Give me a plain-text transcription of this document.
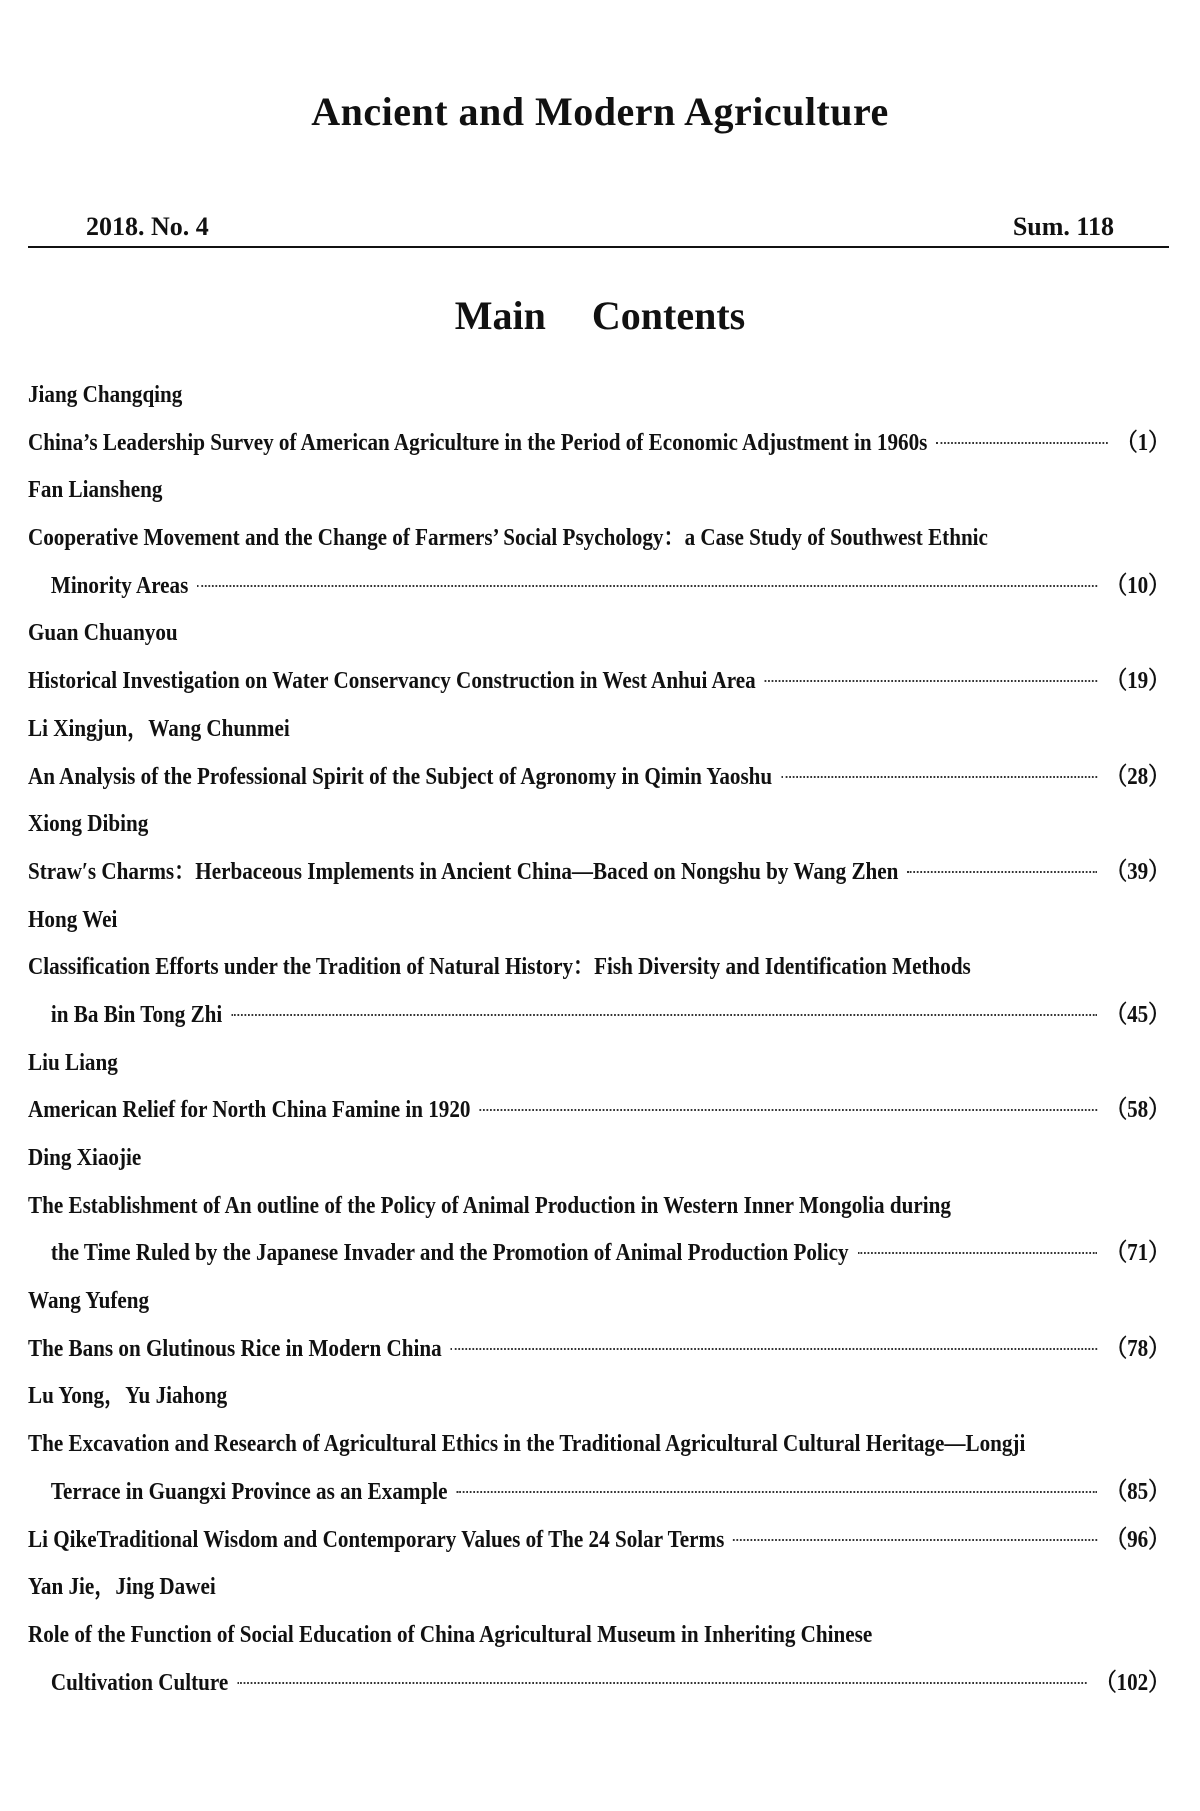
Ancient and Modern Agriculture
2018. No. 4	Sum. 118
Main Contents
Jiang Changqing
China’s Leadership Survey of American Agriculture in the Period of Economic Adjustment in 1960s	（1）
Fan Liansheng
Cooperative Movement and the Change of Farmers’ Social Psychology：a Case Study of Southwest Ethnic
Minority Areas	（10）
Guan Chuanyou
Historical Investigation on Water Conservancy Construction in West Anhui Area	（19）
Li Xingjun，Wang Chunmei
An Analysis of the Professional Spirit of the Subject of Agronomy in Qimin Yaoshu	（28）
Xiong Dibing
Straw′s Charms：Herbaceous Implements in Ancient China—Baced on Nongshu by Wang Zhen	（39）
Hong Wei
Classification Efforts under the Tradition of Natural History：Fish Diversity and Identification Methods
in Ba Bin Tong Zhi	（45）
Liu Liang
American Relief for North China Famine in 1920	（58）
Ding Xiaojie
The Establishment of An outline of the Policy of Animal Production in Western Inner Mongolia during
the Time Ruled by the Japanese Invader and the Promotion of Animal Production Policy	（71）
Wang Yufeng
The Bans on Glutinous Rice in Modern China	（78）
Lu Yong，Yu Jiahong
The Excavation and Research of Agricultural Ethics in the Traditional Agricultural Cultural Heritage—Longji
Terrace in Guangxi Province as an Example	（85）
Li QikeTraditional Wisdom and Contemporary Values of The 24 Solar Terms	（96）
Yan Jie，Jing Dawei
Role of the Function of Social Education of China Agricultural Museum in Inheriting Chinese
Cultivation Culture	（102）
